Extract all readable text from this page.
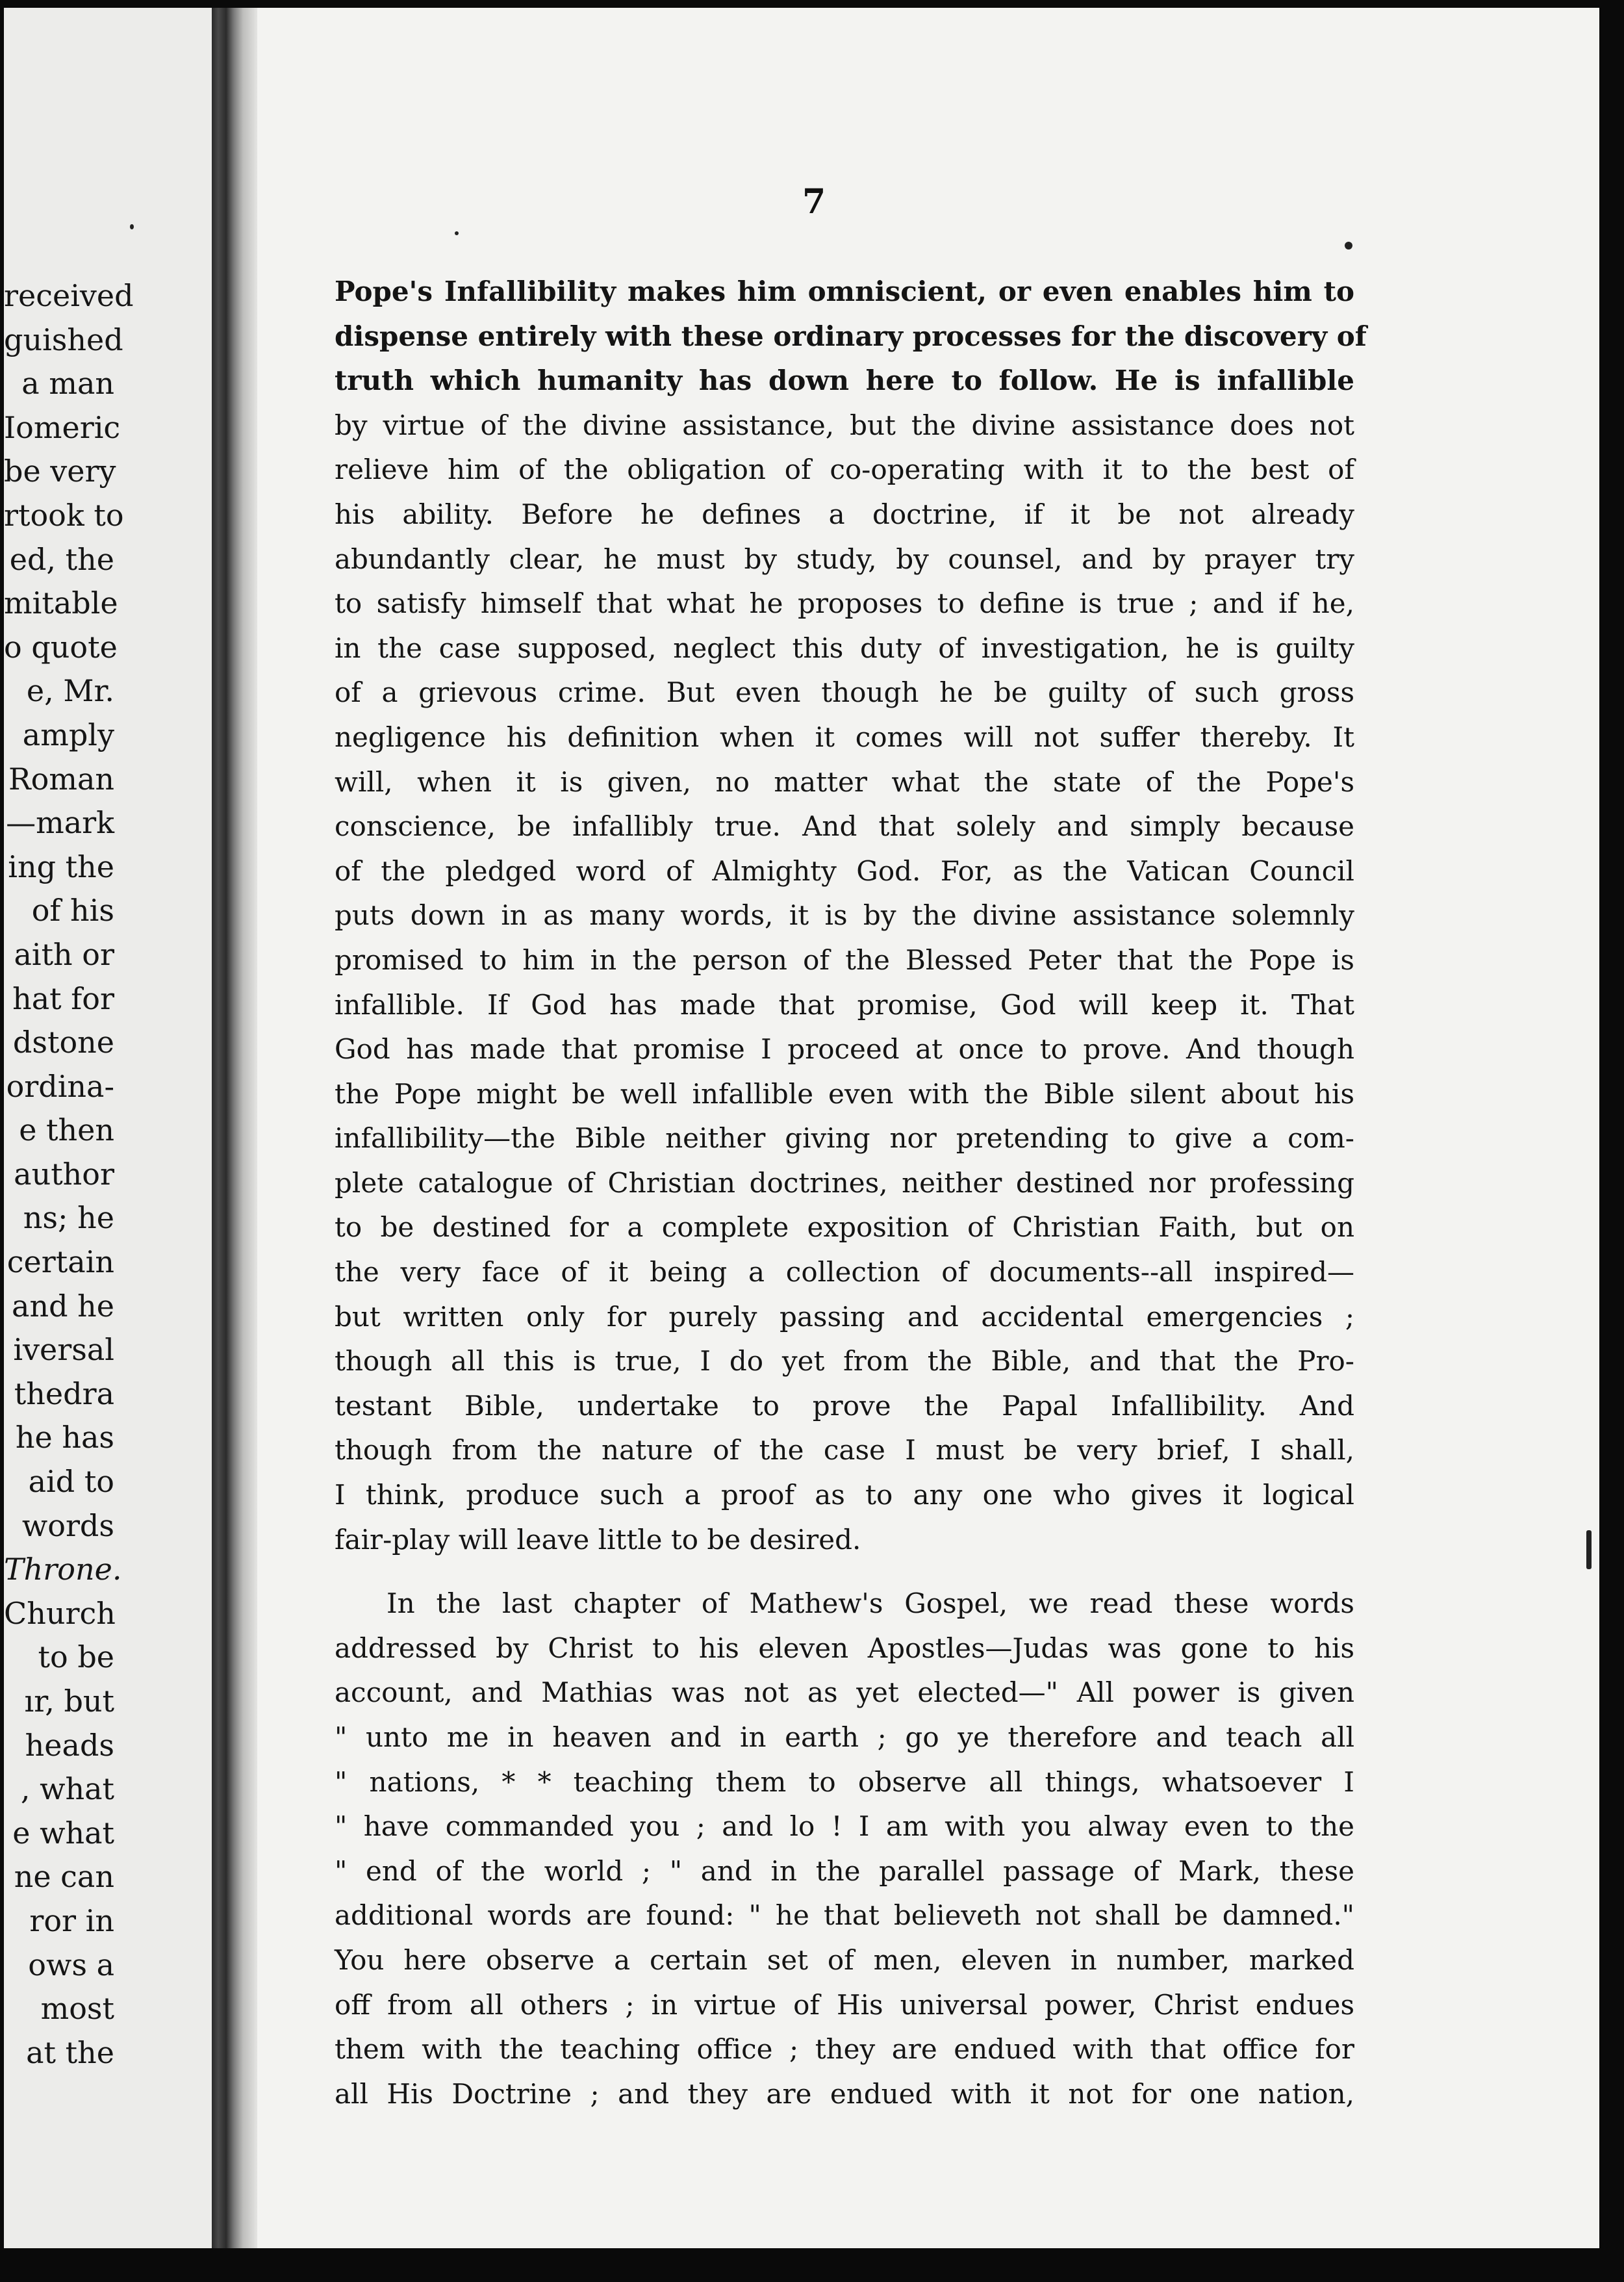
received
guished
a man
Iomeric
be very
rtook to
ed, the
mitable
o quote
e, Mr.
amply
Roman
—mark
ing the
of his
aith or
hat for
dstone
ordina-
e then
author
ns; he
certain
and he
iversal
thedra
he has
aid to
words
Throne.
Church
to be
ır, but
heads
, what
e what
ne can
ror in
ows a
most
at the
7
Pope's Infallibility makes him omniscient, or even enables him to
dispense entirely with these ordinary processes for the discovery of
truth which humanity has down here to follow. He is infallible
by virtue of the divine assistance, but the divine assistance does not
relieve him of the obligation of co-operating with it to the best of
his ability. Before he defines a doctrine, if it be not already
abundantly clear, he must by study, by counsel, and by prayer try
to satisfy himself that what he proposes to define is true ; and if he,
in the case supposed, neglect this duty of investigation, he is guilty
of a grievous crime. But even though he be guilty of such gross
negligence his definition when it comes will not suffer thereby. It
will, when it is given, no matter what the state of the Pope's
conscience, be infallibly true. And that solely and simply because
of the pledged word of Almighty God. For, as the Vatican Council
puts down in as many words, it is by the divine assistance solemnly
promised to him in the person of the Blessed Peter that the Pope is
infallible. If God has made that promise, God will keep it. That
God has made that promise I proceed at once to prove. And though
the Pope might be well infallible even with the Bible silent about his
infallibility—the Bible neither giving nor pretending to give a com-
plete catalogue of Christian doctrines, neither destined nor professing
to be destined for a complete exposition of Christian Faith, but on
the very face of it being a collection of documents--all inspired—
but written only for purely passing and accidental emergencies ;
though all this is true, I do yet from the Bible, and that the Pro-
testant Bible, undertake to prove the Papal Infallibility. And
though from the nature of the case I must be very brief, I shall,
I think, produce such a proof as to any one who gives it logical
fair-play will leave little to be desired.
In the last chapter of Mathew's Gospel, we read these words
addressed by Christ to his eleven Apostles—Judas was gone to his
account, and Mathias was not as yet elected—" All power is given
" unto me in heaven and in earth ; go ye therefore and teach all
" nations, * * teaching them to observe all things, whatsoever I
" have commanded you ; and lo ! I am with you alway even to the
" end of the world ; " and in the parallel passage of Mark, these
additional words are found: " he that believeth not shall be damned."
You here observe a certain set of men, eleven in number, marked
off from all others ; in virtue of His universal power, Christ endues
them with the teaching office ; they are endued with that office for
all His Doctrine ; and they are endued with it not for one nation,
